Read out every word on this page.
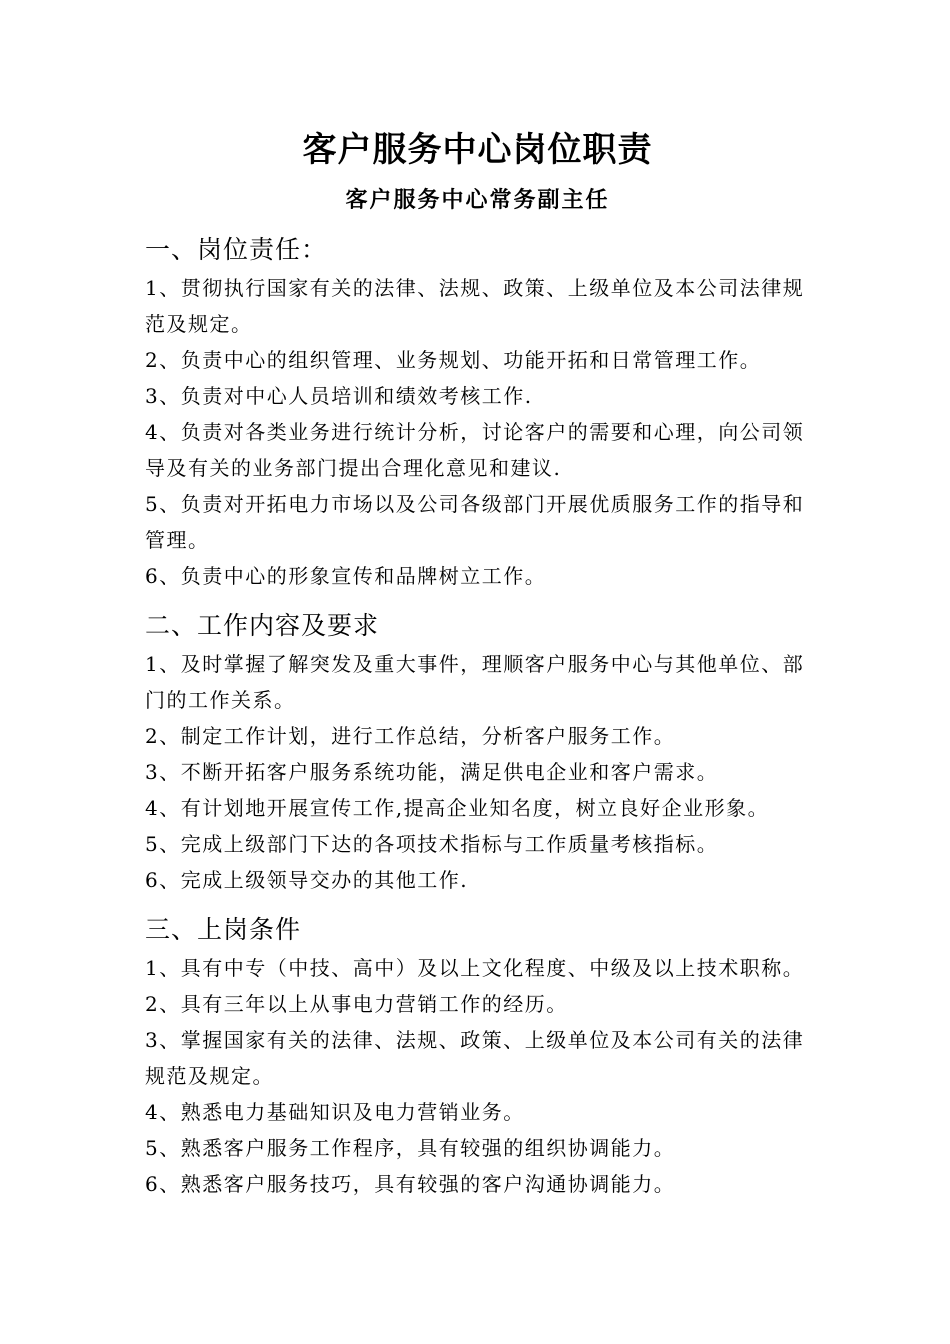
客户服务中心岗位职责
客户服务中心常务副主任
一、岗位责任：

1、贯彻执行国家有关的法律、法规、政策、上级单位及本公司法律规范及规定。

2、负责中心的组织管理、业务规划、功能开拓和日常管理工作。

3、负责对中心人员培训和绩效考核工作.

4、负责对各类业务进行统计分析，讨论客户的需要和心理，向公司领导及有关的业务部门提出合理化意见和建议.

5、负责对开拓电力市场以及公司各级部门开展优质服务工作的指导和管理。

6、负责中心的形象宣传和品牌树立工作。

二、工作内容及要求

1、及时掌握了解突发及重大事件，理顺客户服务中心与其他单位、部门的工作关系。

2、制定工作计划，进行工作总结，分析客户服务工作。

3、不断开拓客户服务系统功能，满足供电企业和客户需求。

4、有计划地开展宣传工作,提高企业知名度，树立良好企业形象。

5、完成上级部门下达的各项技术指标与工作质量考核指标。

6、完成上级领导交办的其他工作.

三、上岗条件

1、具有中专（中技、高中）及以上文化程度、中级及以上技术职称。

2、具有三年以上从事电力营销工作的经历。

3、掌握国家有关的法律、法规、政策、上级单位及本公司有关的法律规范及规定。

4、熟悉电力基础知识及电力营销业务。

5、熟悉客户服务工作程序，具有较强的组织协调能力。

6、熟悉客户服务技巧，具有较强的客户沟通协调能力。
